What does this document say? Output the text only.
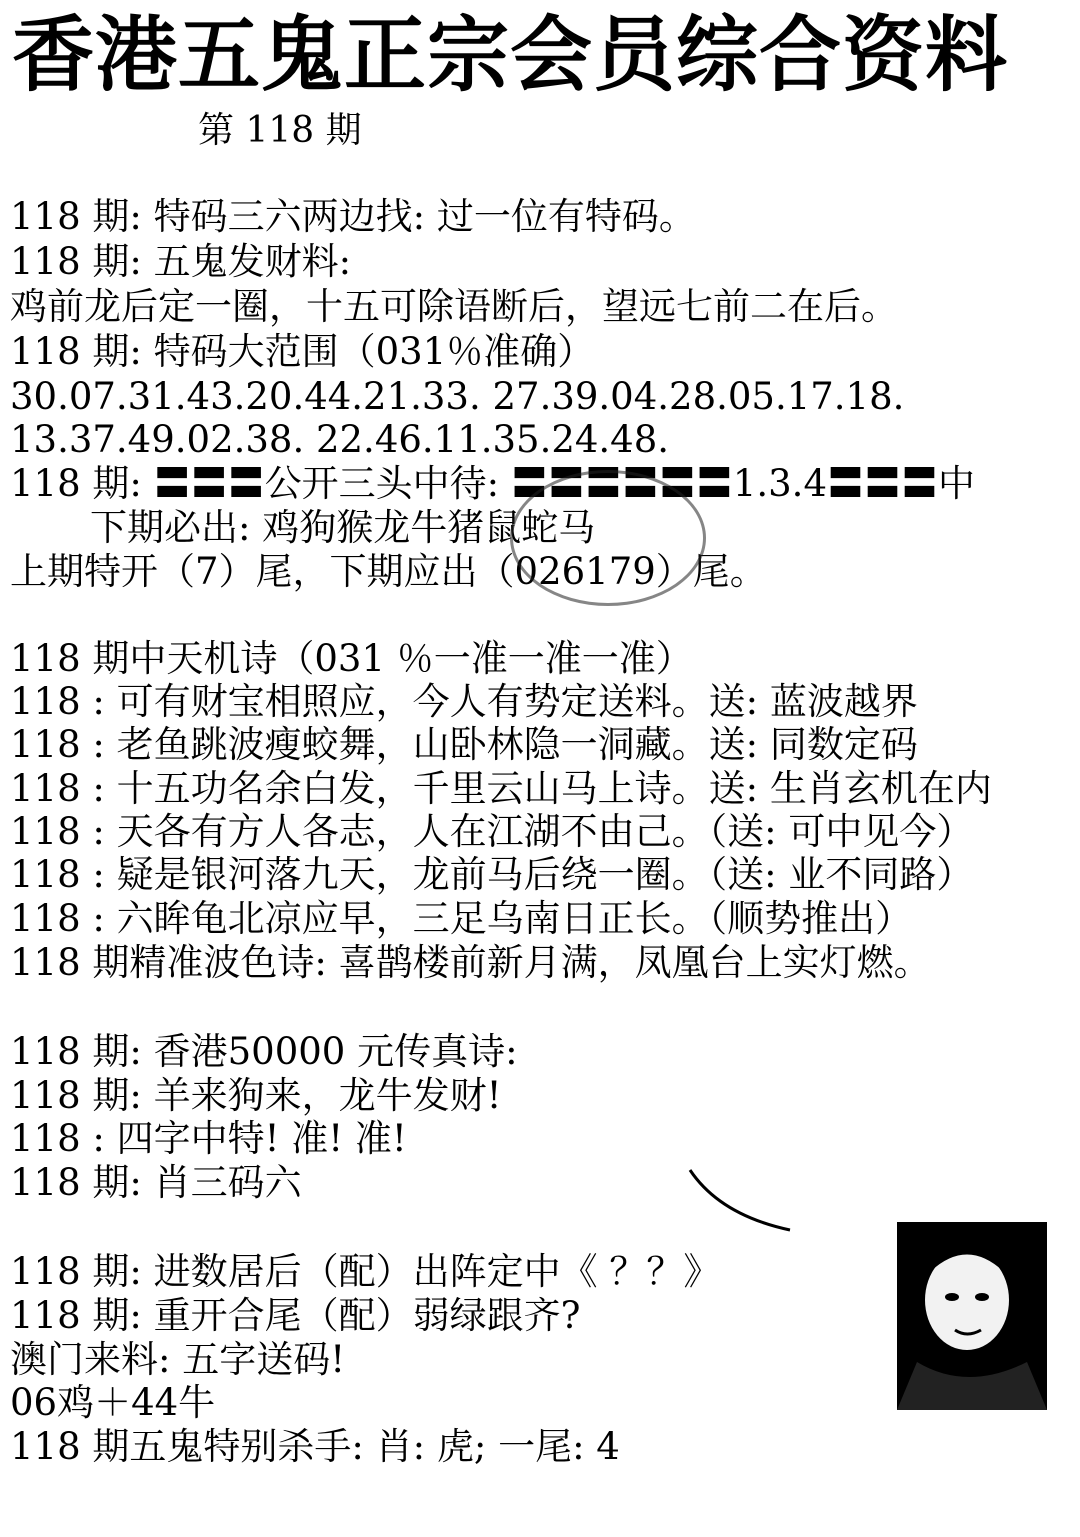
香港五鬼正宗会员综合资料
第 118 期
118 期: 特码三六两边找: 过一位有特码。
118 期: 五鬼发财料:
鸡前龙后定一圈，十五可除语断后，望远七前二在后。
118 期: 特码大范围（031％准确）
30.07.31.43.20.44.21.33. 27.39.04.28.05.17.18.
13.37.49.02.38. 22.46.11.35.24.48.
118 期: 〓〓〓公开三头中待: 〓〓〓〓〓〓1.3.4〓〓〓中
下期必出: 鸡狗猴龙牛猪鼠蛇马
上期特开（7）尾，下期应出（026179）尾。
118 期中天机诗（031 ％一准一准一准）
118 : 可有财宝相照应，今人有势定送料。送: 蓝波越界
118 : 老鱼跳波瘦蛟舞，山卧林隐一洞藏。送: 同数定码
118 : 十五功名余白发，千里云山马上诗。送: 生肖玄机在内
118 : 天各有方人各志，人在江湖不由己。（送: 可中见今）
118 : 疑是银河落九天，龙前马后绕一圈。（送: 业不同路）
118 : 六眸龟北凉应早，三足乌南日正长。（顺势推出）
118 期精准波色诗: 喜鹊楼前新月满，凤凰台上实灯燃。
118 期: 香港50000 元传真诗:
118 期: 羊来狗来，龙牛发财!
118 : 四字中特! 准! 准!
118 期: 肖三码六
118 期: 进数居后（配）出阵定中《 ？？》
118 期: 重开合尾（配）弱绿跟齐?
澳门来料: 五字送码!
06鸡＋44牛
118 期五鬼特别杀手: 肖: 虎; 一尾: 4
